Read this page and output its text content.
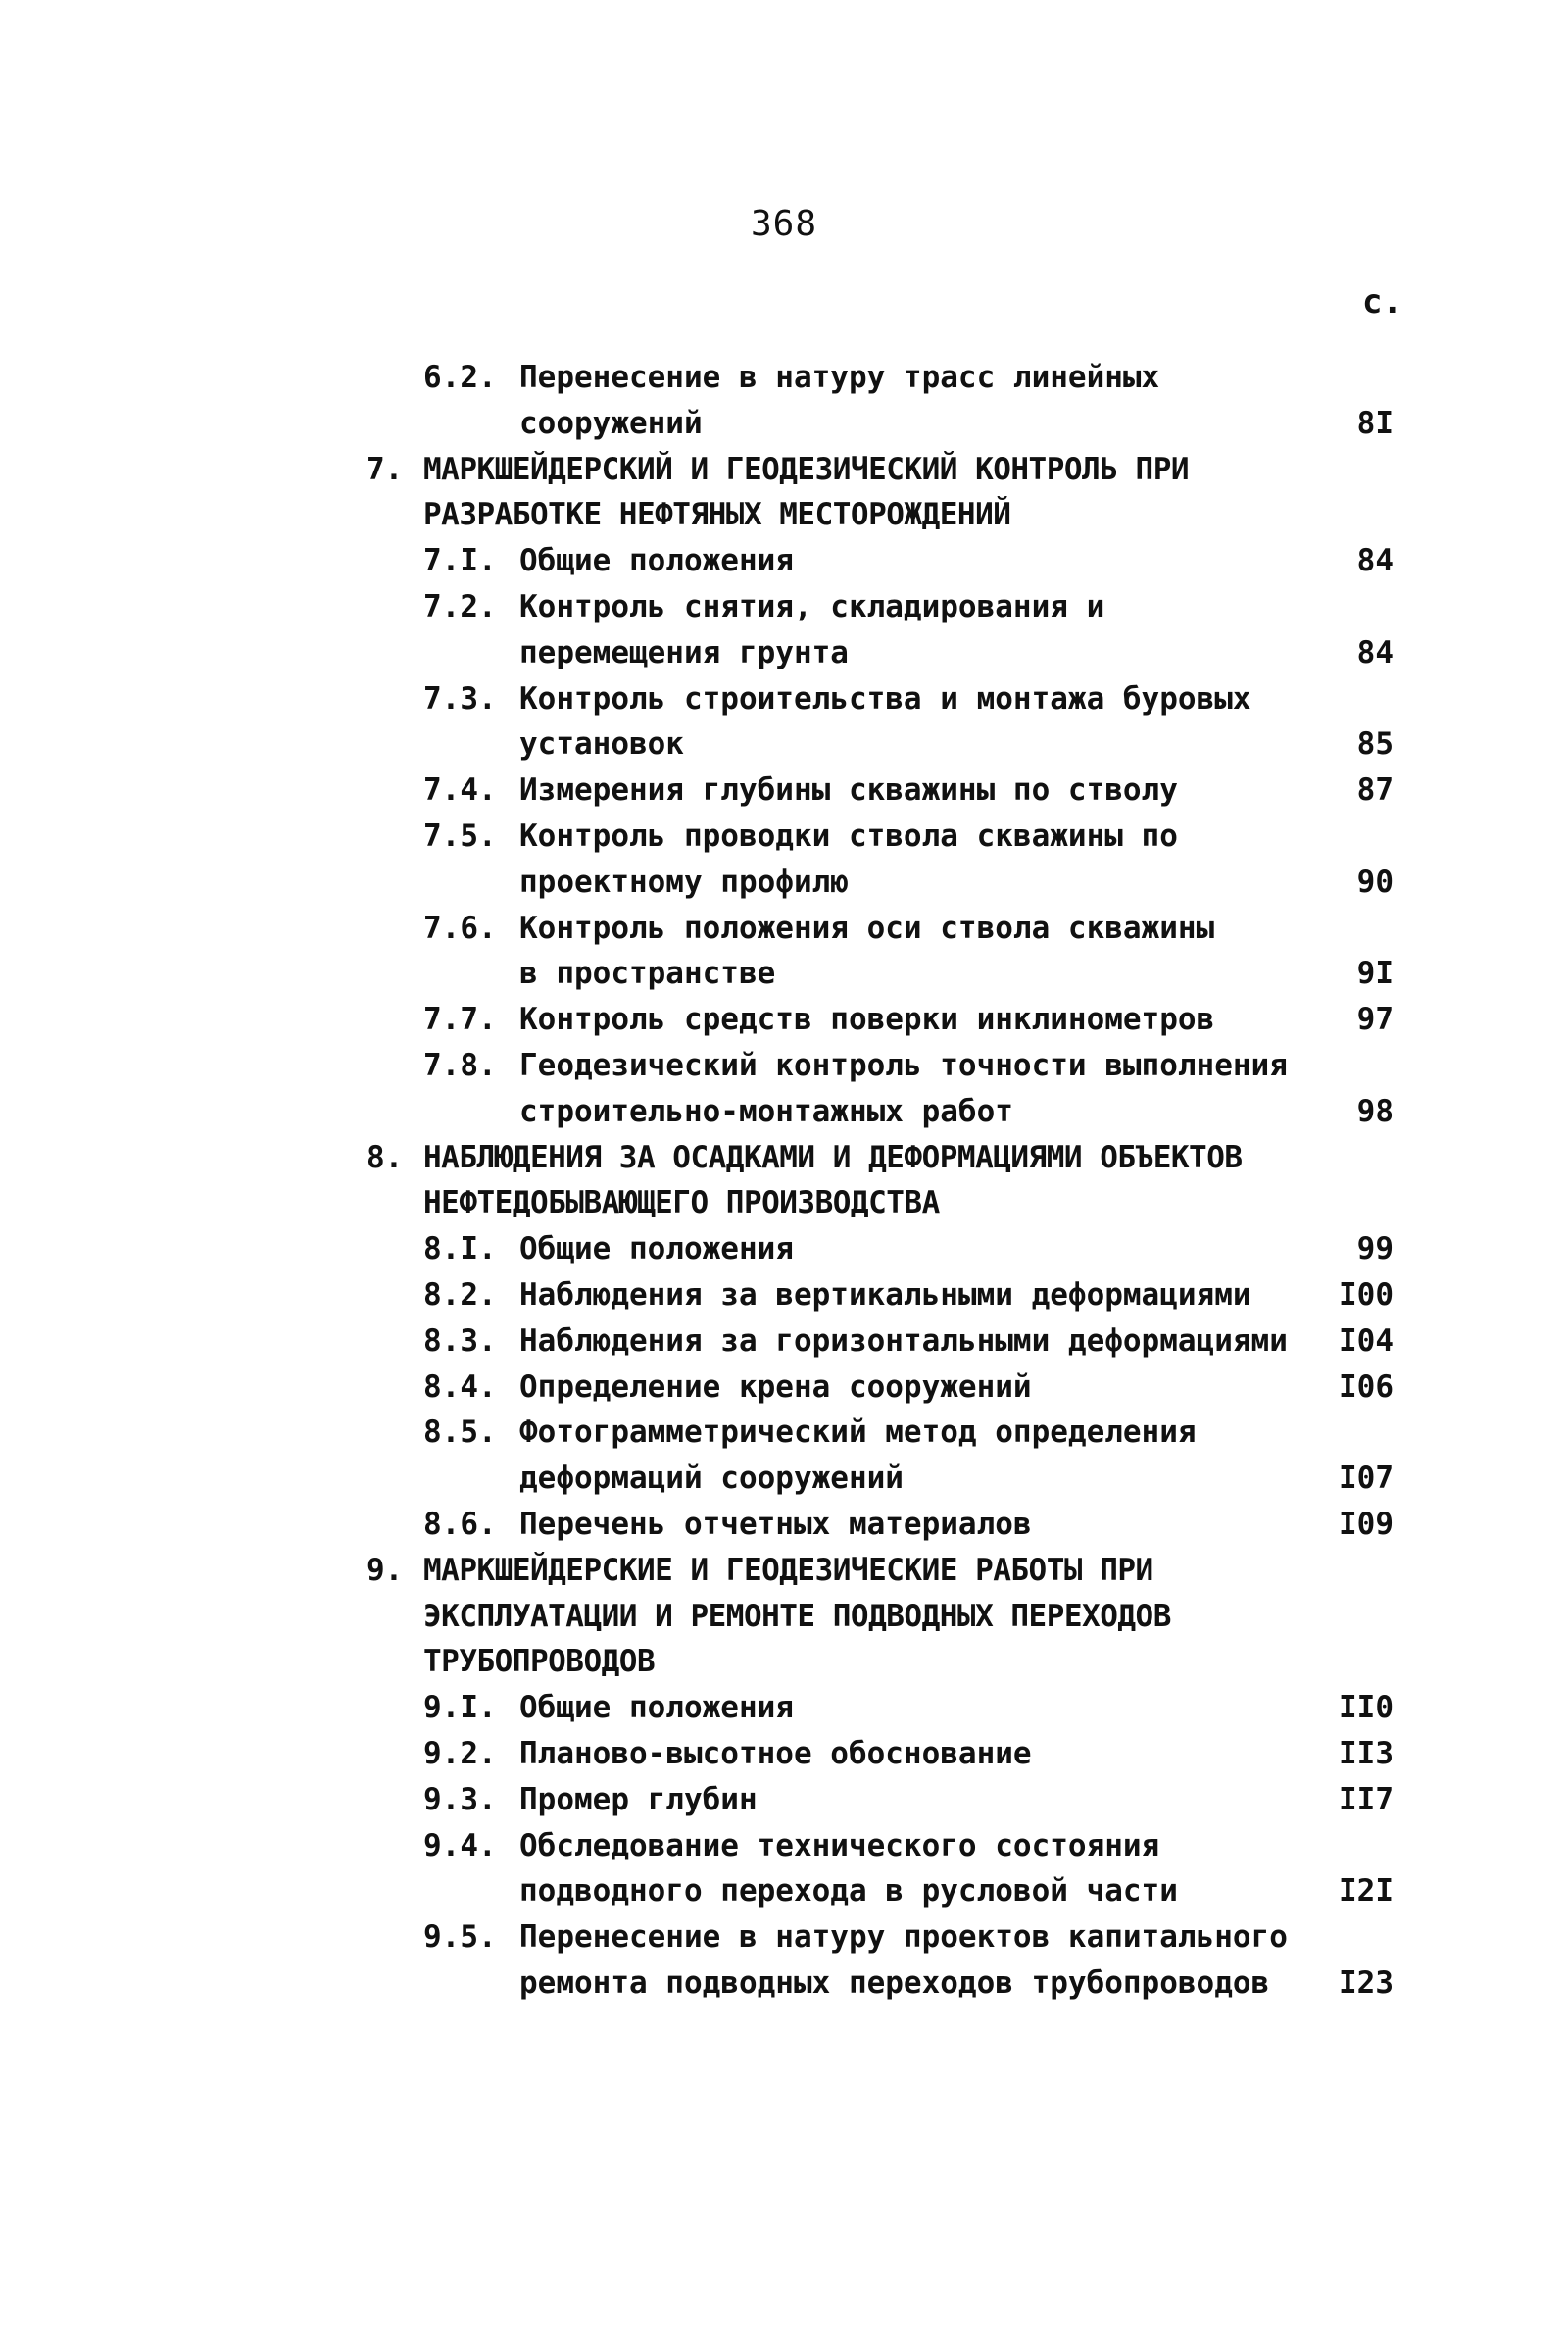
368
с.
6.2. Перенесение в натуру трасс линейных
сооружений	8I
7. МАРКШЕЙДЕРСКИЙ И ГЕОДЕЗИЧЕСКИЙ КОНТРОЛЬ ПРИ
РАЗРАБОТКЕ НЕФТЯНЫХ МЕСТОРОЖДЕНИЙ
7.I. Общие положения	84
7.2. Контроль снятия, складирования и
перемещения грунта	84
7.3. Контроль строительства и монтажа буровых
установок	85
7.4. Измерения глубины скважины по стволу	87
7.5. Контроль проводки ствола скважины по
проектному профилю	90
7.6. Контроль положения оси ствола скважины
в пространстве	9I
7.7. Контроль средств поверки инклинометров	97
7.8. Геодезический контроль точности выполнения
строительно-монтажных работ	98
8. НАБЛЮДЕНИЯ ЗА ОСАДКАМИ И ДЕФОРМАЦИЯМИ ОБЪЕКТОВ
НЕФТЕДОБЫВАЮЩЕГО ПРОИЗВОДСТВА
8.I. Общие положения	99
8.2. Наблюдения за вертикальными деформациями	I00
8.3. Наблюдения за горизонтальными деформациями	I04
8.4. Определение крена сооружений	I06
8.5. Фотограмметрический метод определения
деформаций сооружений	I07
8.6. Перечень отчетных материалов	I09
9. МАРКШЕЙДЕРСКИЕ И ГЕОДЕЗИЧЕСКИЕ РАБОТЫ ПРИ
ЭКСПЛУАТАЦИИ И РЕМОНТЕ ПОДВОДНЫХ ПЕРЕХОДОВ
ТРУБОПРОВОДОВ
9.I. Общие положения	II0
9.2. Планово-высотное обоснование	II3
9.3. Промер глубин	II7
9.4. Обследование технического состояния
подводного перехода в русловой части	I2I
9.5. Перенесение в натуру проектов капитального
ремонта подводных переходов трубопроводов	I23
